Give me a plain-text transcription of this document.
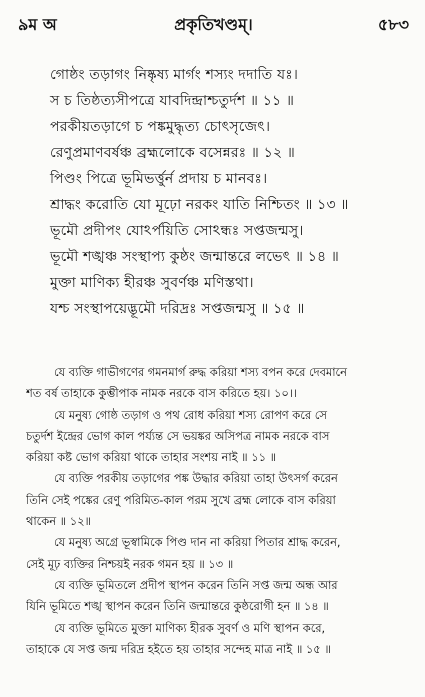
৯ম অ	প্রকৃতিখণ্ডম্।	৫৮৩
গোষ্ঠং তড়াগং নিষ্কৃষ্য মার্গং শস্যং দদাতি যঃ।
স চ তিষ্ঠত্যসীপত্রে যাবদিন্দ্রাশ্চতুর্দশ ॥ ১১ ॥
পরকীয়তড়াগে চ পঙ্কমুদ্ধৃত্য চোৎসৃজেৎ।
রেণুপ্রমাণবর্ষঞ্চ ব্রহ্মলোকে বসেন্নরঃ ॥ ১২ ॥
পিণ্ডং পিত্রে ভূমিভর্ত্তুর্ন প্রদায় চ মানবঃ।
শ্রাদ্ধং করোতি যো মূঢ়ো নরকং যাতি নিশ্চিতং ॥ ১৩ ॥
ভূমৌ প্রদীপং যোঽর্পয়িতি সোঽন্ধঃ সপ্তজন্মসু।
ভূমৌ শঙ্খঞ্চ সংস্থাপ্য কুষ্ঠং জন্মান্তরে লভেৎ ॥ ১৪ ॥
মুক্তা মাণিক্য হীরঞ্চ সুবর্ণঞ্চ মণিস্তথা।
যশ্চ সংস্থাপয়েদ্ভূমৌ দরিদ্রঃ সপ্তজন্মসু ॥ ১৫ ॥
যে ব্যক্তি গাভীগণের গমনমার্গ রুদ্ধ করিয়া শস্য বপন করে দেবমানে
শত বর্ষ তাহাকে কুম্ভীপাক নামক নরকে বাস করিতে হয়। ১০।।
যে মনুষ্য গোষ্ঠ তড়াগ ও পথ রোধ করিয়া শস্য রোপণ করে সে
চতুর্দশ ইন্দ্রের ভোগ কাল পর্য্যন্ত সে ভয়ঙ্কর অসিপত্র নামক নরকে বাস
করিয়া কষ্ট ভোগ করিয়া থাকে তাহার সংশয় নাই ॥ ১১ ॥
যে ব্যক্তি পরকীয় তড়াগের পঙ্ক উদ্ধার করিয়া তাহা উৎসর্গ করেন
তিনি সেই পঙ্কের রেণু পরিমিত-কাল পরম সুখে ব্রহ্ম লোকে বাস করিয়া
থাকেন ॥ ১২॥
যে মনুষ্য অগ্রে ভূস্বামিকে পিণ্ড দান না করিয়া পিতার শ্রাদ্ধ করেন,
সেই মূঢ় ব্যক্তির নিশ্চয়ই নরক গমন হয় ॥ ১৩ ॥
যে ব্যক্তি ভূমিতলে প্রদীপ স্থাপন করেন তিনি সপ্ত জন্ম অন্ধ আর
যিনি ভূমিতে শঙ্খ স্থাপন করেন তিনি জন্মান্তরে কুষ্ঠরোগী হন ॥ ১৪ ॥
যে ব্যক্তি ভূমিতে মুক্তা মাণিক্য হীরক সুবর্ণ ও মণি স্থাপন করে,
তাহাকে যে সপ্ত জন্ম দরিদ্র হইতে হয় তাহার সন্দেহ মাত্র নাই ॥ ১৫ ॥
